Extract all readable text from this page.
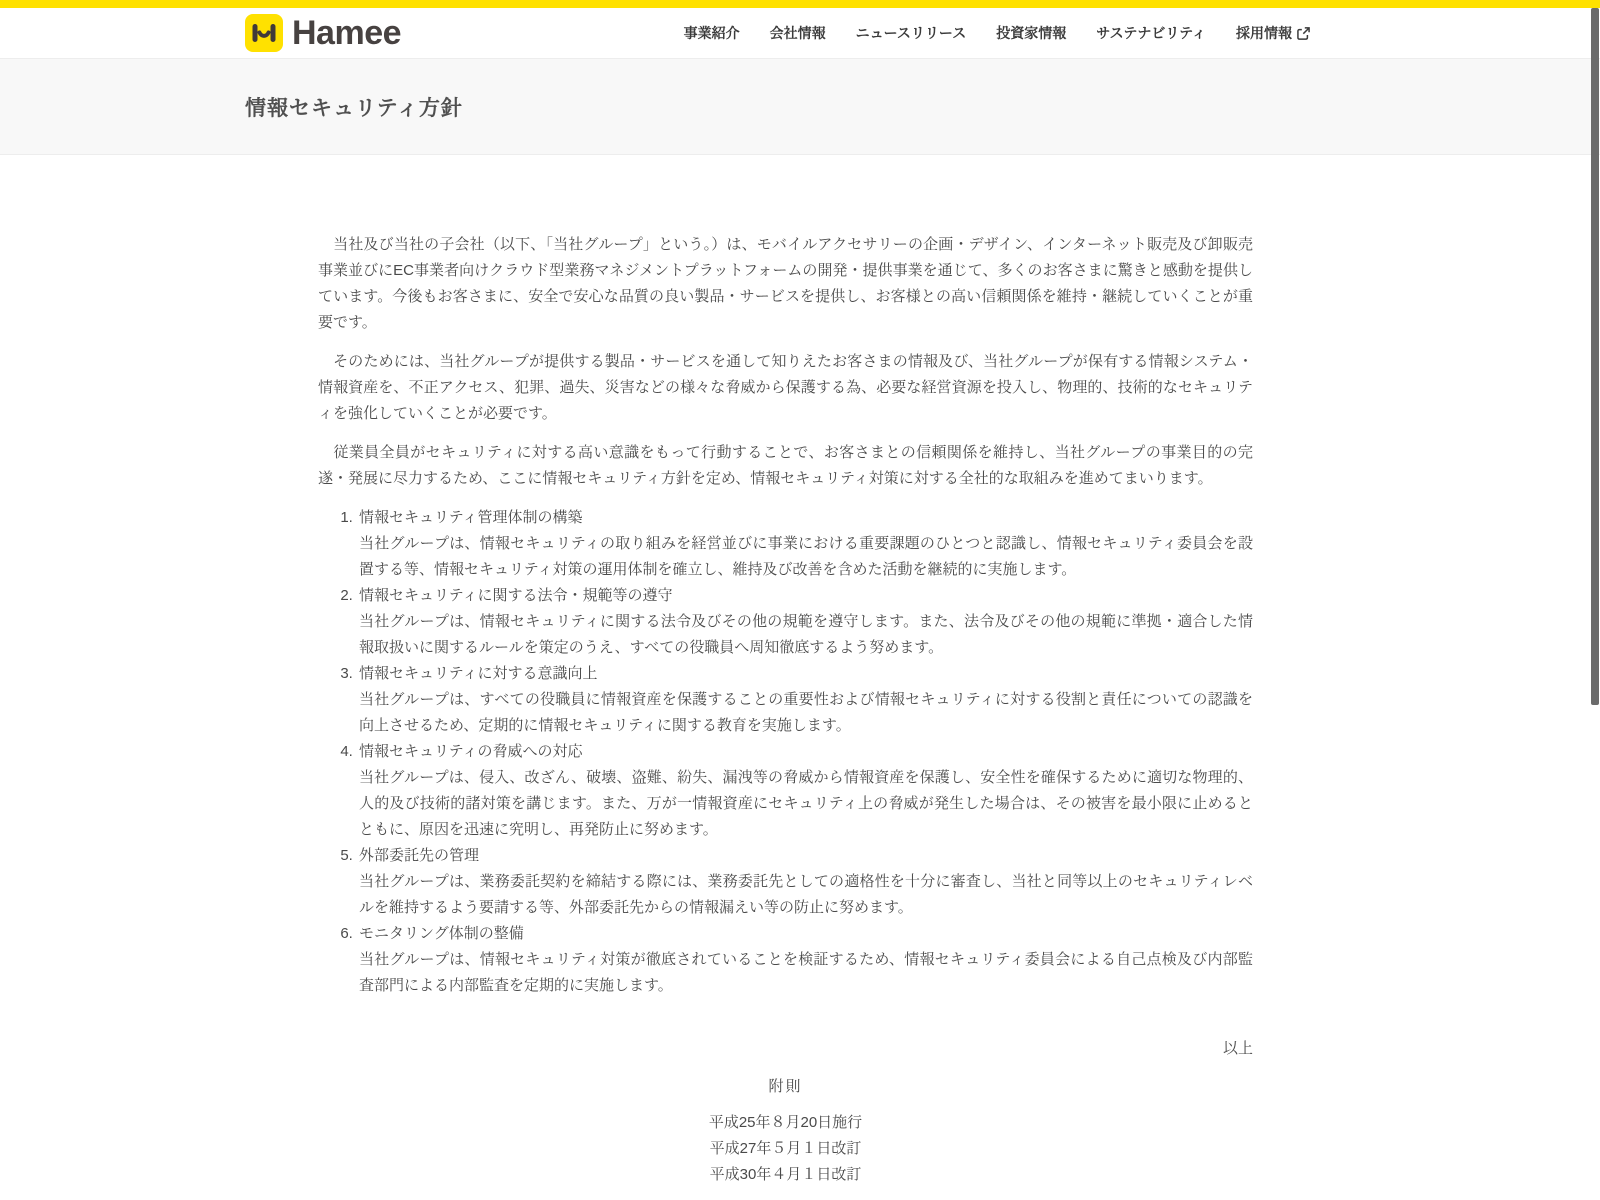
Hamee	事業紹介 会社情報 ニュースリリース 投資家情報 サステナビリティ 採用情報
情報セキュリティ方針

　当社及び当社の子会社（以下、「当社グループ」という。）は、モバイルアクセサリーの企画・デザイン、インターネット販売及び卸販売事業並びにEC事業者向けクラウド型業務マネジメントプラットフォームの開発・提供事業を通じて、多くのお客さまに驚きと感動を提供しています。今後もお客さまに、安全で安心な品質の良い製品・サービスを提供し、お客様との高い信頼関係を維持・継続していくことが重要です。

　そのためには、当社グループが提供する製品・サービスを通して知りえたお客さまの情報及び、当社グループが保有する情報システム・情報資産を、不正アクセス、犯罪、過失、災害などの様々な脅威から保護する為、必要な経営資源を投入し、物理的、技術的なセキュリティを強化していくことが必要です。

　従業員全員がセキュリティに対する高い意識をもって行動することで、お客さまとの信頼関係を維持し、当社グループの事業目的の完遂・発展に尽力するため、ここに情報セキュリティ方針を定め、情報セキュリティ対策に対する全社的な取組みを進めてまいります。

1. 情報セキュリティ管理体制の構築
当社グループは、情報セキュリティの取り組みを経営並びに事業における重要課題のひとつと認識し、情報セキュリティ委員会を設置する等、情報セキュリティ対策の運用体制を確立し、維持及び改善を含めた活動を継続的に実施します。
2. 情報セキュリティに関する法令・規範等の遵守
当社グループは、情報セキュリティに関する法令及びその他の規範を遵守します。また、法令及びその他の規範に準拠・適合した情報取扱いに関するルールを策定のうえ、すべての役職員へ周知徹底するよう努めます。
3. 情報セキュリティに対する意識向上
当社グループは、すべての役職員に情報資産を保護することの重要性および情報セキュリティに対する役割と責任についての認識を向上させるため、定期的に情報セキュリティに関する教育を実施します。
4. 情報セキュリティの脅威への対応
当社グループは、侵入、改ざん、破壊、盗難、紛失、漏洩等の脅威から情報資産を保護し、安全性を確保するために適切な物理的、人的及び技術的諸対策を講じます。また、万が一情報資産にセキュリティ上の脅威が発生した場合は、その被害を最小限に止めるとともに、原因を迅速に究明し、再発防止に努めます。
5. 外部委託先の管理
当社グループは、業務委託契約を締結する際には、業務委託先としての適格性を十分に審査し、当社と同等以上のセキュリティレベルを維持するよう要請する等、外部委託先からの情報漏えい等の防止に努めます。
6. モニタリング体制の整備
当社グループは、情報セキュリティ対策が徹底されていることを検証するため、情報セキュリティ委員会による自己点検及び内部監査部門による内部監査を定期的に実施します。

以上

附則

平成25年８月20日施行

平成27年５月１日改訂

平成30年４月１日改訂
